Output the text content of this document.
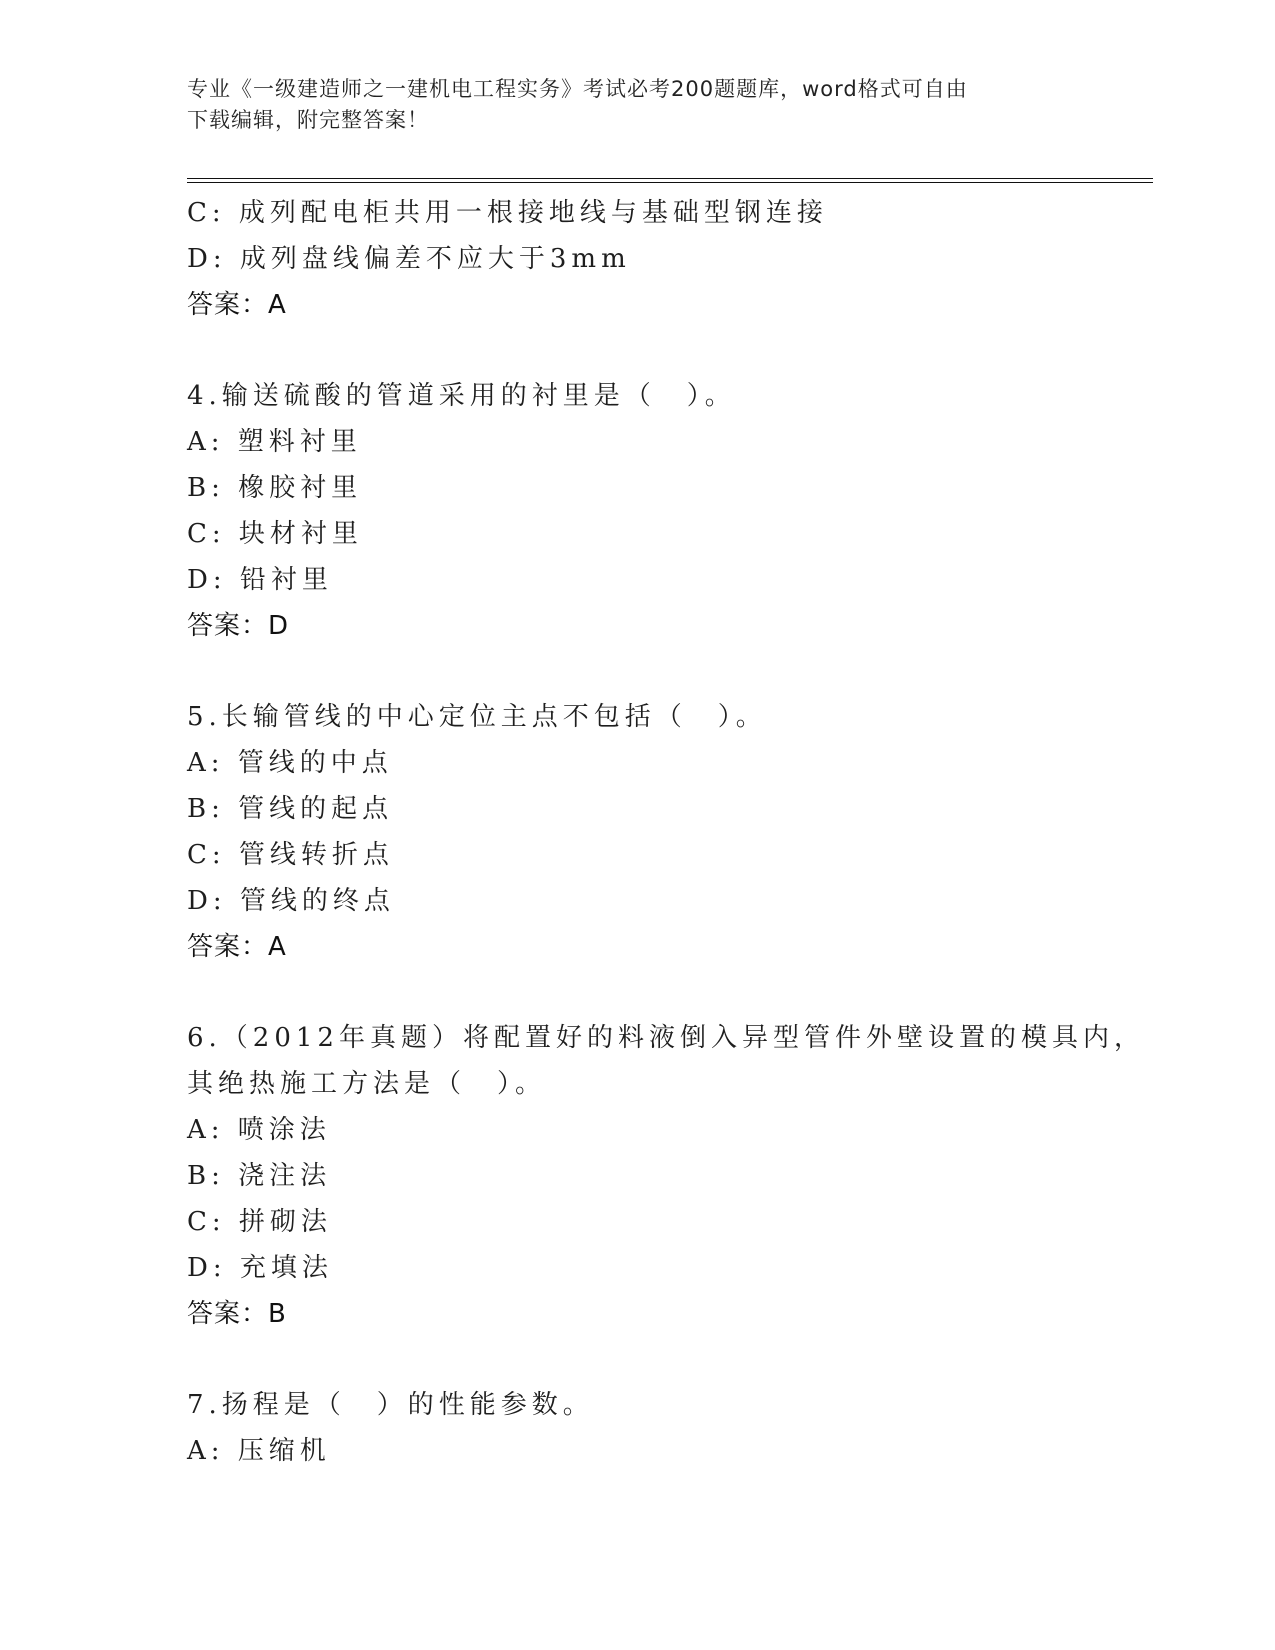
专业《一级建造师之一建机电工程实务》考试必考200题题库，word格式可自由
下载编辑，附完整答案！
C: 成列配电柜共用一根接地线与基础型钢连接
D: 成列盘线偏差不应大于3mm
答案：A
4.输送硫酸的管道采用的衬里是（　）。
A: 塑料衬里
B: 橡胶衬里
C: 块材衬里
D: 铅衬里
答案：D
5.长输管线的中心定位主点不包括（　）。
A: 管线的中点
B: 管线的起点
C: 管线转折点
D: 管线的终点
答案：A
6.（2012年真题）将配置好的料液倒入异型管件外壁设置的模具内，
其绝热施工方法是（　）。
A: 喷涂法
B: 浇注法
C: 拼砌法
D: 充填法
答案：B
7.扬程是（　）的性能参数。
A: 压缩机
